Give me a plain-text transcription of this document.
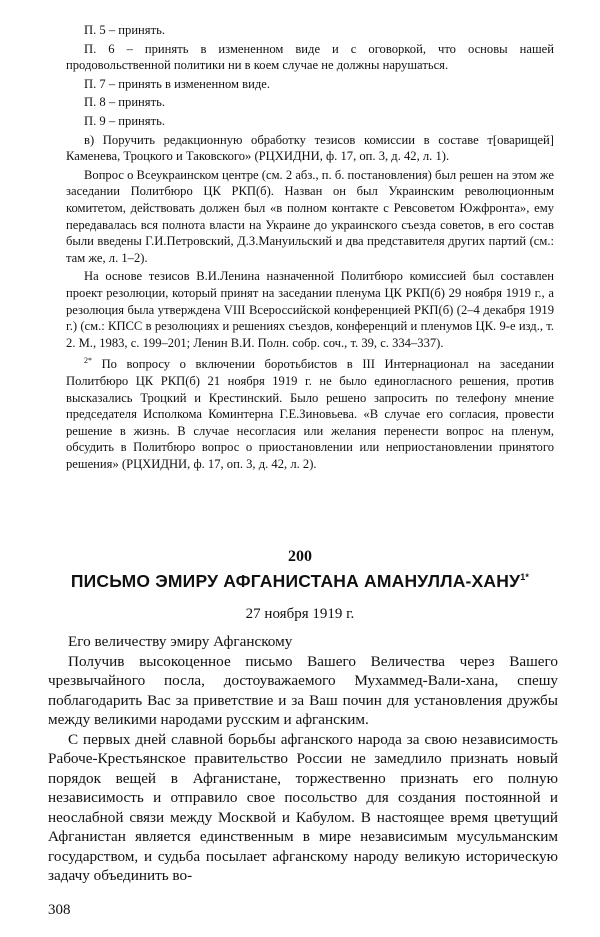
П. 5 – принять.

П. 6 – принять в измененном виде и с оговоркой, что основы нашей продовольственной политики ни в коем случае не должны нарушаться.

П. 7 – принять в измененном виде.

П. 8 – принять.

П. 9 – принять.

в) Поручить редакционную обработку тезисов комиссии в составе т[оварищей] Каменева, Троцкого и Таковского» (РЦХИДНИ, ф. 17, оп. 3, д. 42, л. 1).

Вопрос о Всеукраинском центре (см. 2 абз., п. б. постановления) был решен на этом же заседании Политбюро ЦК РКП(б). Назван он был Украинским революционным комитетом, действовать должен был «в полном контакте с Ревсоветом Южфронта», ему передавалась вся полнота власти на Украине до украинского съезда советов, в его состав были введены Г.И.Петровский, Д.З.Мануильский и два представителя других партий (см.: там же, л. 1–2).

На основе тезисов В.И.Ленина назначенной Политбюро комиссией был составлен проект резолюции, который принят на заседании пленума ЦК РКП(б) 29 ноября 1919 г., а резолюция была утверждена VIII Всероссийской конференцией РКП(б) (2–4 декабря 1919 г.) (см.: КПСС в резолюциях и решениях съездов, конференций и пленумов ЦК. 9-е изд., т. 2. М., 1983, с. 199–201; Ленин В.И. Полн. собр. соч., т. 39, с. 334–337).

$^{2*}$ По вопросу о включении боротьбистов в III Интернационал на заседании Политбюро ЦК РКП(б) 21 ноября 1919 г. не было единогласного решения, против высказались Троцкий и Крестинский. Было решено запросить по телефону мнение председателя Исполкома Коминтерна Г.Е.Зиновьева. «В случае его согласия, провести решение в жизнь. В случае несогласия или желания перенести вопрос на пленум, обсудить в Политбюро вопрос о приостановлении или неприостановлении принятого решения» (РЦХИДНИ, ф. 17, оп. 3, д. 42, л. 2).

200
ПИСЬМО ЭМИРУ АФГАНИСТАНА АМАНУЛЛА-$ХАНУ^{1*}$
27 ноября 1919 г.

Его величеству эмиру Афганскому

Получив высокоценное письмо Вашего Величества через Вашего чрезвычайного посла, достоуважаемого Мухаммед-Вали-хана, спешу поблагодарить Вас за приветствие и за Ваш почин для установления дружбы между великими народами русским и афганским.

С первых дней славной борьбы афганского народа за свою независимость Рабоче-Крестьянское правительство России не замедлило признать новый порядок вещей в Афганистане, торжественно признать его полную независимость и отправило свое посольство для создания постоянной и неослабной связи между Москвой и Кабулом. В настоящее время цветущий Афганистан является единственным в мире независимым мусульманским государством, и судьба посылает афганскому народу великую историческую задачу объединить во-

308
